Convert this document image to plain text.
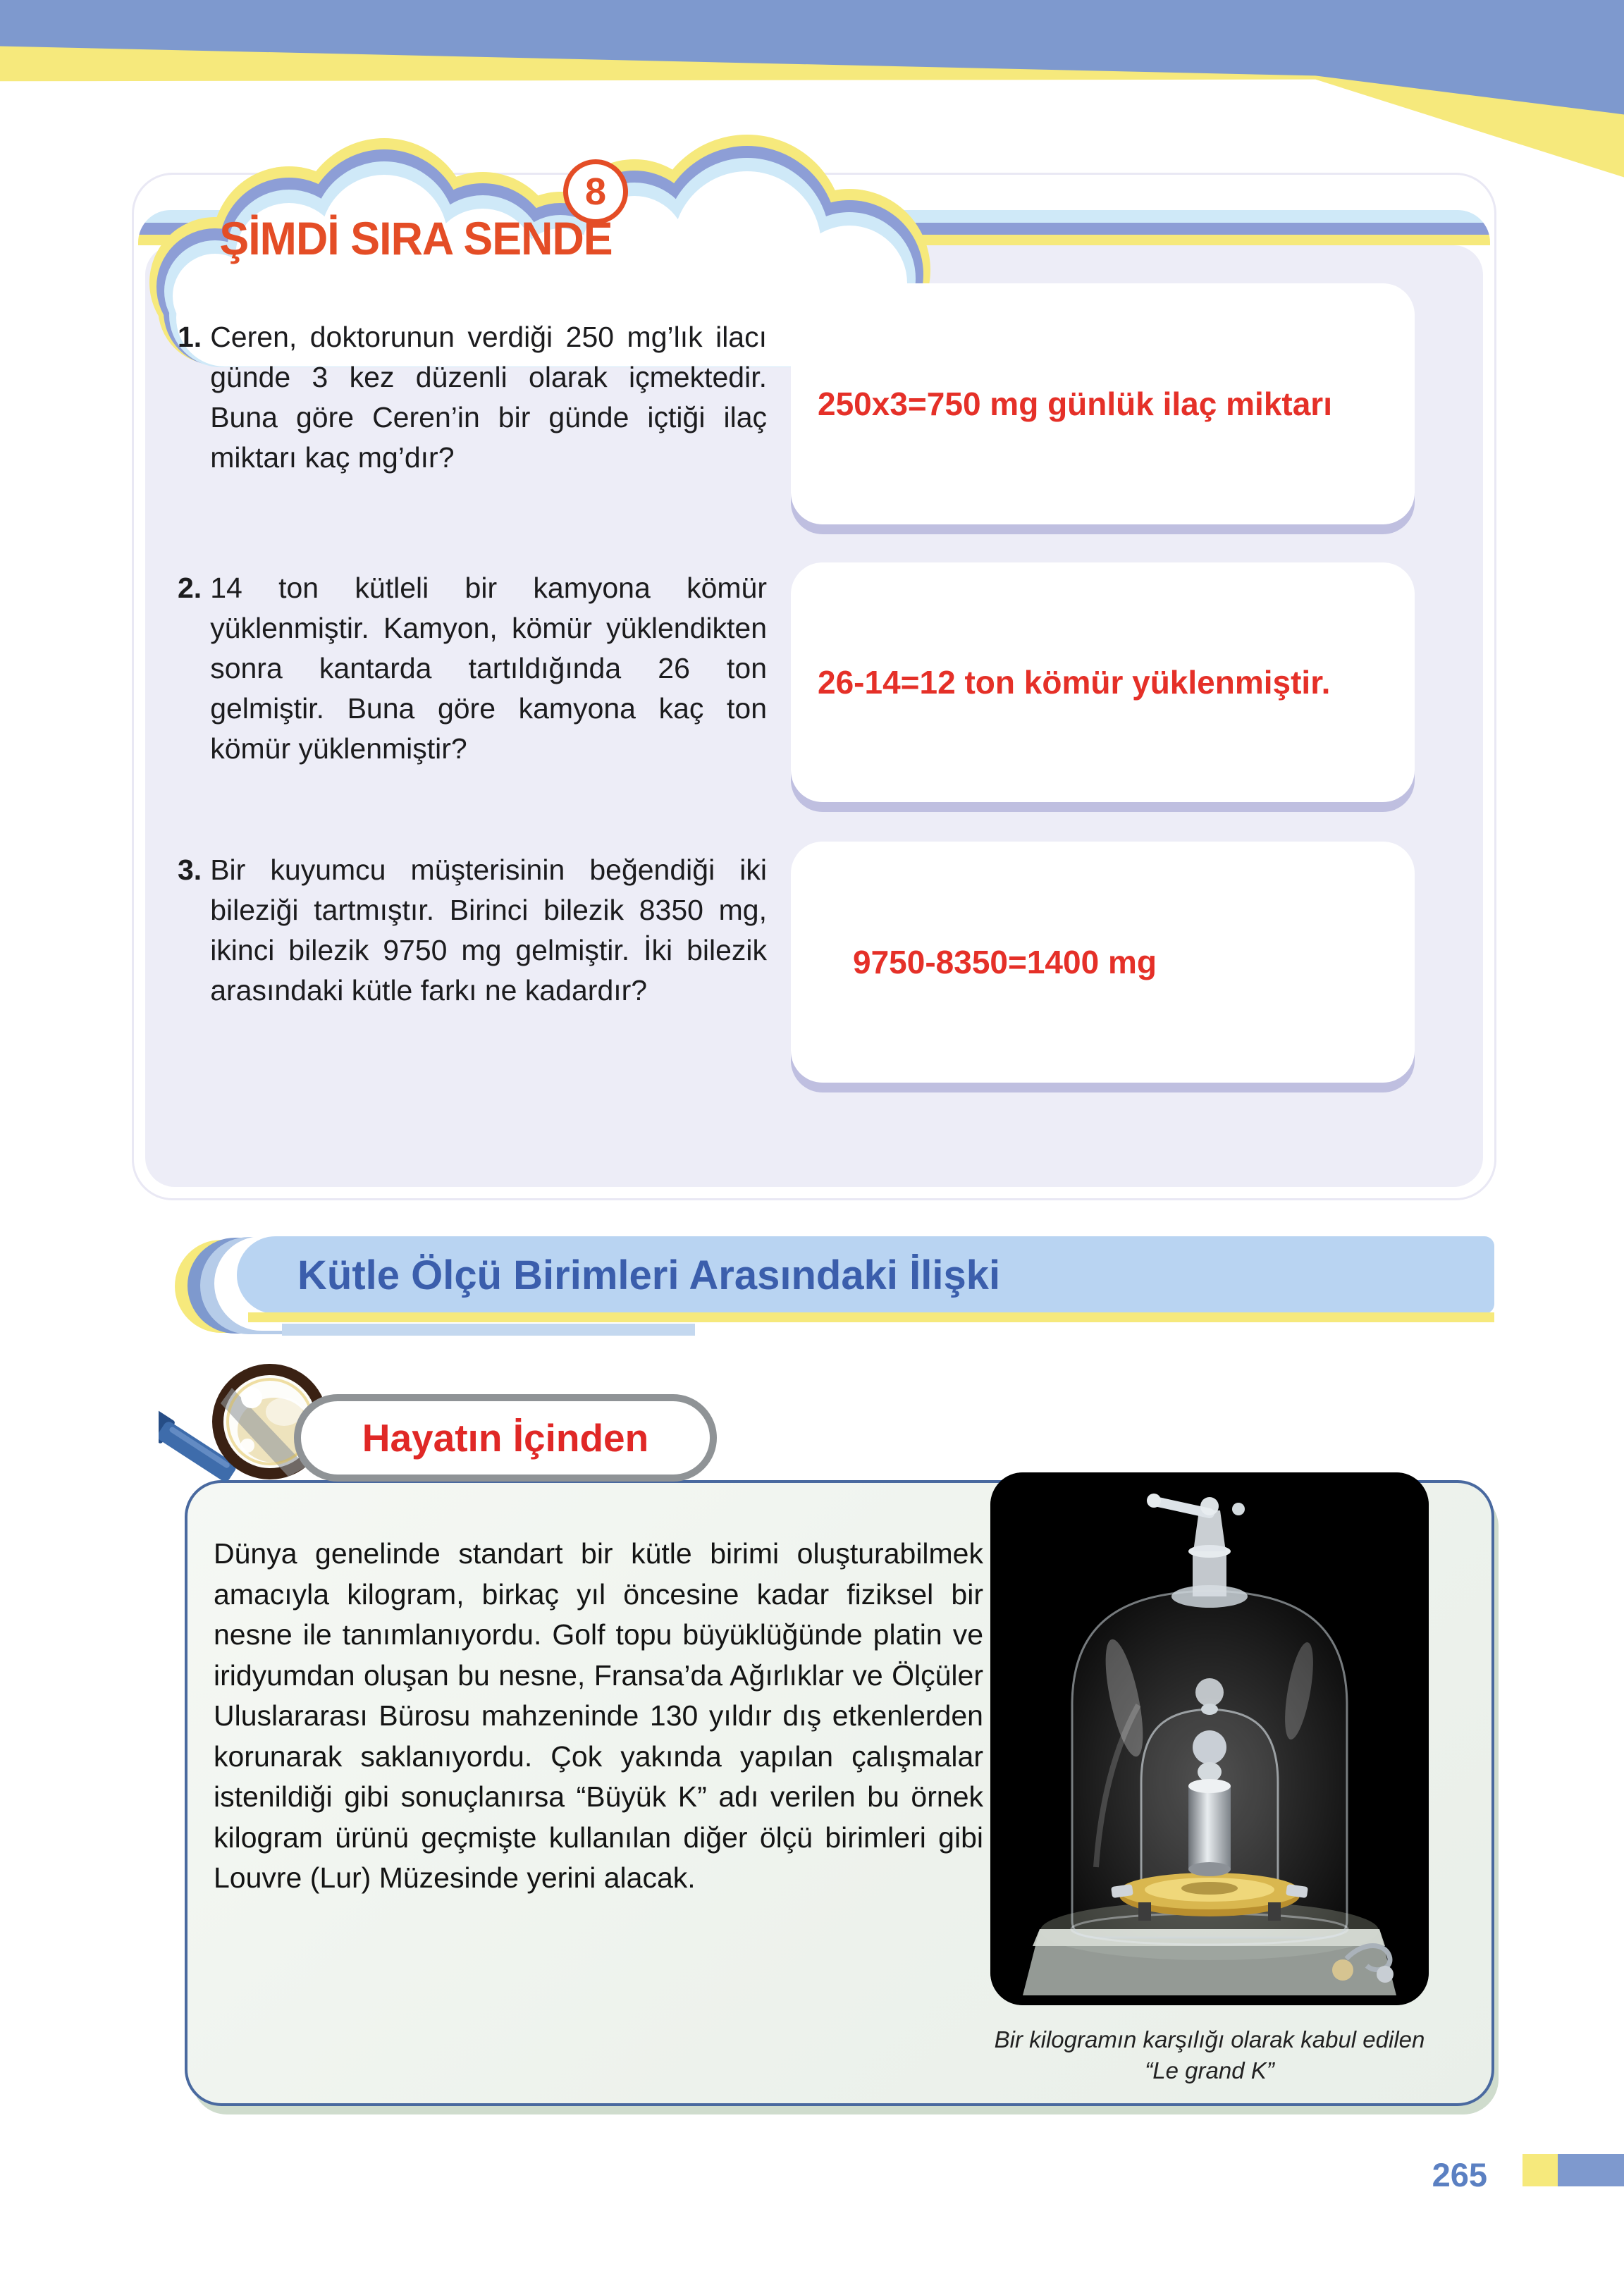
8
ŞİMDİ SIRA SENDE
1. Ceren, doktorunun verdiği 250 mg’lık ilacı günde 3 kez düzenli olarak içmektedir. Buna göre Ceren’in bir günde içtiği ilaç miktarı kaç mg’dır?

250x3=750 mg günlük ilaç miktarı
2. 14 ton kütleli bir kamyona kömür yüklenmiştir. Kamyon, kömür yüklendikten sonra kantarda tartıldığında 26 ton gelmiştir. Buna göre kamyona kaç ton kömür yüklenmiştir?

26-14=12 ton kömür yüklenmiştir.
3. Bir kuyumcu müşterisinin beğendiği iki bileziği tartmıştır. Birinci bilezik 8350 mg, ikinci bilezik 9750 mg gelmiştir. İki bilezik arasındaki kütle farkı ne kadardır?

9750-8350=1400 mg
Kütle Ölçü Birimleri Arasındaki İlişki
Hayatın İçinden

Dünya genelinde standart bir kütle birimi oluşturabilmek amacıyla kilogram, birkaç yıl öncesine kadar fiziksel bir nesne ile tanımlanıyordu. Golf topu büyüklüğünde platin ve iridyumdan oluşan bu nesne, Fransa’da Ağırlıklar ve Ölçüler Uluslararası Bürosu mahzeninde 130 yıldır dış etkenlerden korunarak saklanıyordu. Çok yakında yapılan çalışmalar istenildiği gibi sonuçlanırsa “Büyük K” adı verilen bu örnek kilogram ürünü geçmişte kullanılan diğer ölçü birimleri gibi Louvre (Lur) Müzesinde yerini alacak.

Bir kilogramın karşılığı olarak kabul edilen “Le grand K”

265
